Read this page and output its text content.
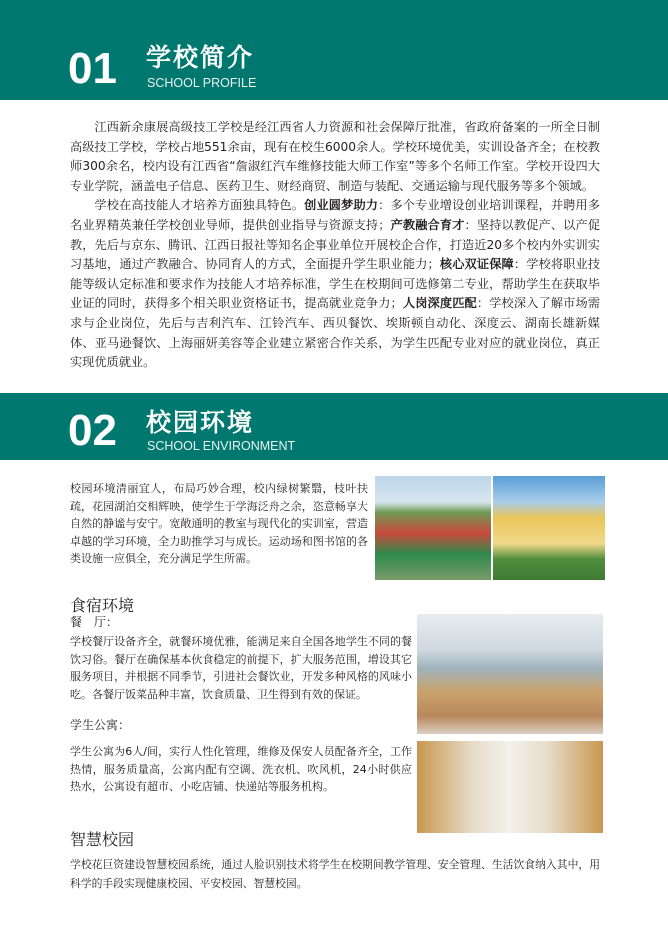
01 学校简介
SCHOOL PROFILE
江西新余康展高级技工学校是经江西省人力资源和社会保障厅批准，省政府备案的一所全日制高级技工学校，学校占地551余亩，现有在校生6000余人。学校环境优美，实训设备齐全；在校教师300余名，校内设有江西省“詹淑红汽车维修技能大师工作室”等多个名师工作室。学校开设四大专业学院，涵盖电子信息、医药卫生、财经商贸、制造与装配、交通运输与现代服务等多个领域。
学校在高技能人才培养方面独具特色。创业圆梦助力：多个专业增设创业培训课程，并聘用多名业界精英兼任学校创业导师，提供创业指导与资源支持；产教融合育才：坚持以教促产、以产促教，先后与京东、腾讯、江西日报社等知名企事业单位开展校企合作，打造近20多个校内外实训实习基地，通过产教融合、协同育人的方式，全面提升学生职业能力；核心双证保障：学校将职业技能等级认定标准和要求作为技能人才培养标准，学生在校期间可选修第二专业，帮助学生在获取毕业证的同时，获得多个相关职业资格证书，提高就业竞争力；人岗深度匹配：学校深入了解市场需求与企业岗位，先后与吉利汽车、江铃汽车、西贝餐饮、埃斯顿自动化、深度云、湖南长雄新媒体、亚马逊餐饮、上海丽妍美容等企业建立紧密合作关系，为学生匹配专业对应的就业岗位，真正实现优质就业。
02 校园环境
SCHOOL ENVIRONMENT
校园环境清丽宜人，布局巧妙合理，校内绿树繁翳，枝叶扶疏，花园湖泊交相辉映，使学生于学海泛舟之余，恣意畅享大自然的静谧与安宁。宽敞通明的教室与现代化的实训室，营造卓越的学习环境，全力助推学习与成长。运动场和图书馆的各类设施一应俱全，充分满足学生所需。
食宿环境
餐　厅：
学校餐厅设备齐全，就餐环境优雅，能满足来自全国各地学生不同的餐饮习俗。餐厅在确保基本伙食稳定的前提下，扩大服务范围，增设其它服务项目，并根据不同季节，引进社会餐饮业，开发多种风格的风味小吃。各餐厅饭菜品种丰富，饮食质量、卫生得到有效的保证。
学生公寓：
学生公寓为6人/间，实行人性化管理，维修及保安人员配备齐全，工作热情，服务质量高，公寓内配有空调、洗衣机、吹风机，24小时供应热水，公寓设有超市、小吃店铺、快递站等服务机构。
智慧校园
学校花巨资建设智慧校园系统，通过人脸识别技术将学生在校期间教学管理、安全管理、生活饮食纳入其中，用科学的手段实现健康校园、平安校园、智慧校园。
